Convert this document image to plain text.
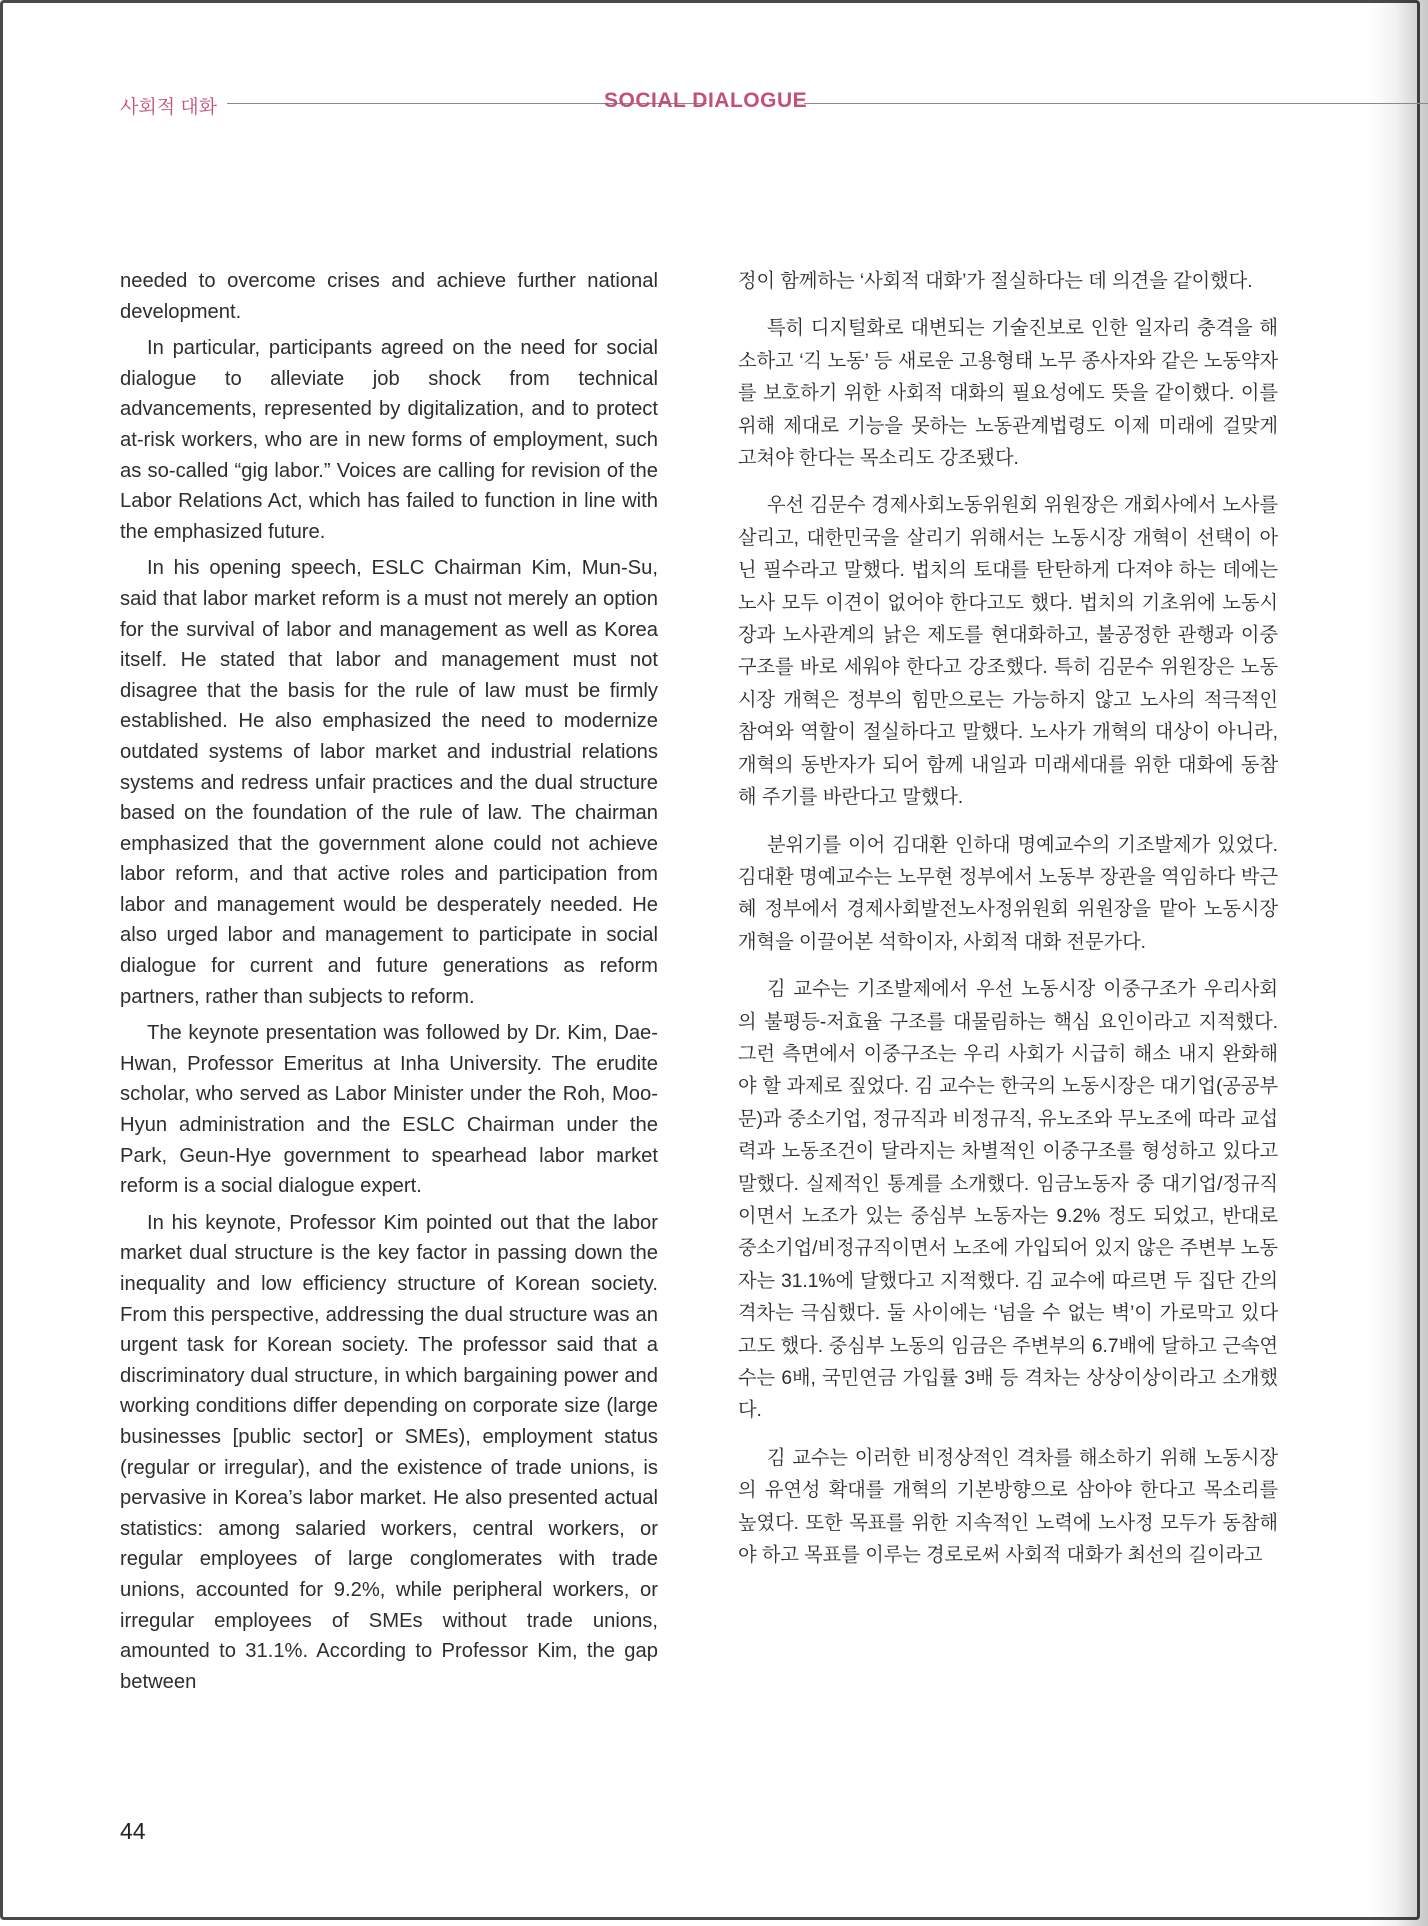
사회적 대화	SOCIAL DIALOGUE

needed to overcome crises and achieve further national development.

In particular, participants agreed on the need for social dialogue to alleviate job shock from technical advancements, represented by digitalization, and to protect at-risk workers, who are in new forms of employment, such as so-called “gig labor.” Voices are calling for revision of the Labor Relations Act, which has failed to function in line with the emphasized future.

In his opening speech, ESLC Chairman Kim, Mun-Su, said that labor market reform is a must not merely an option for the survival of labor and management as well as Korea itself. He stated that labor and management must not disagree that the basis for the rule of law must be firmly established. He also emphasized the need to modernize outdated systems of labor market and industrial relations systems and redress unfair practices and the dual structure based on the foundation of the rule of law. The chairman emphasized that the government alone could not achieve labor reform, and that active roles and participation from labor and management would be desperately needed. He also urged labor and management to participate in social dialogue for current and future generations as reform partners, rather than subjects to reform.

The keynote presentation was followed by Dr. Kim, Dae-Hwan, Professor Emeritus at Inha University. The erudite scholar, who served as Labor Minister under the Roh, Moo-Hyun administration and the ESLC Chairman under the Park, Geun-Hye government to spearhead labor market reform is a social dialogue expert.

In his keynote, Professor Kim pointed out that the labor market dual structure is the key factor in passing down the inequality and low efficiency structure of Korean society. From this perspective, addressing the dual structure was an urgent task for Korean society. The professor said that a discriminatory dual structure, in which bargaining power and working conditions differ depending on corporate size (large businesses [public sector] or SMEs), employment status (regular or irregular), and the existence of trade unions, is pervasive in Korea’s labor market. He also presented actual statistics: among salaried workers, central workers, or regular employees of large conglomerates with trade unions, accounted for 9.2%, while peripheral workers, or irregular employees of SMEs without trade unions, amounted to 31.1%. According to Professor Kim, the gap between

정이 함께하는 ‘사회적 대화’가 절실하다는 데 의견을 같이했다.

특히 디지털화로 대변되는 기술진보로 인한 일자리 충격을 해소하고 ‘긱 노동’ 등 새로운 고용형태 노무 종사자와 같은 노동약자를 보호하기 위한 사회적 대화의 필요성에도 뜻을 같이했다. 이를 위해 제대로 기능을 못하는 노동관계법령도 이제 미래에 걸맞게 고쳐야 한다는 목소리도 강조됐다.

우선 김문수 경제사회노동위원회 위원장은 개회사에서 노사를 살리고, 대한민국을 살리기 위해서는 노동시장 개혁이 선택이 아닌 필수라고 말했다. 법치의 토대를 탄탄하게 다져야 하는 데에는 노사 모두 이견이 없어야 한다고도 했다. 법치의 기초위에 노동시장과 노사관계의 낡은 제도를 현대화하고, 불공정한 관행과 이중구조를 바로 세워야 한다고 강조했다. 특히 김문수 위원장은 노동시장 개혁은 정부의 힘만으로는 가능하지 않고 노사의 적극적인 참여와 역할이 절실하다고 말했다. 노사가 개혁의 대상이 아니라, 개혁의 동반자가 되어 함께 내일과 미래세대를 위한 대화에 동참해 주기를 바란다고 말했다.

분위기를 이어 김대환 인하대 명예교수의 기조발제가 있었다. 김대환 명예교수는 노무현 정부에서 노동부 장관을 역임하다 박근혜 정부에서 경제사회발전노사정위원회 위원장을 맡아 노동시장 개혁을 이끌어본 석학이자, 사회적 대화 전문가다.

김 교수는 기조발제에서 우선 노동시장 이중구조가 우리사회의 불평등-저효율 구조를 대물림하는 핵심 요인이라고 지적했다. 그런 측면에서 이중구조는 우리 사회가 시급히 해소 내지 완화해야 할 과제로 짚었다. 김 교수는 한국의 노동시장은 대기업(공공부문)과 중소기업, 정규직과 비정규직, 유노조와 무노조에 따라 교섭력과 노동조건이 달라지는 차별적인 이중구조를 형성하고 있다고 말했다. 실제적인 통계를 소개했다. 임금노동자 중 대기업/정규직이면서 노조가 있는 중심부 노동자는 9.2% 정도 되었고, 반대로 중소기업/비정규직이면서 노조에 가입되어 있지 않은 주변부 노동자는 31.1%에 달했다고 지적했다. 김 교수에 따르면 두 집단 간의 격차는 극심했다. 둘 사이에는 ‘넘을 수 없는 벽’이 가로막고 있다고도 했다. 중심부 노동의 임금은 주변부의 6.7배에 달하고 근속연수는 6배, 국민연금 가입률 3배 등 격차는 상상이상이라고 소개했다.

김 교수는 이러한 비정상적인 격차를 해소하기 위해 노동시장의 유연성 확대를 개혁의 기본방향으로 삼아야 한다고 목소리를 높였다. 또한 목표를 위한 지속적인 노력에 노사정 모두가 동참해야 하고 목표를 이루는 경로로써 사회적 대화가 최선의 길이라고

44
